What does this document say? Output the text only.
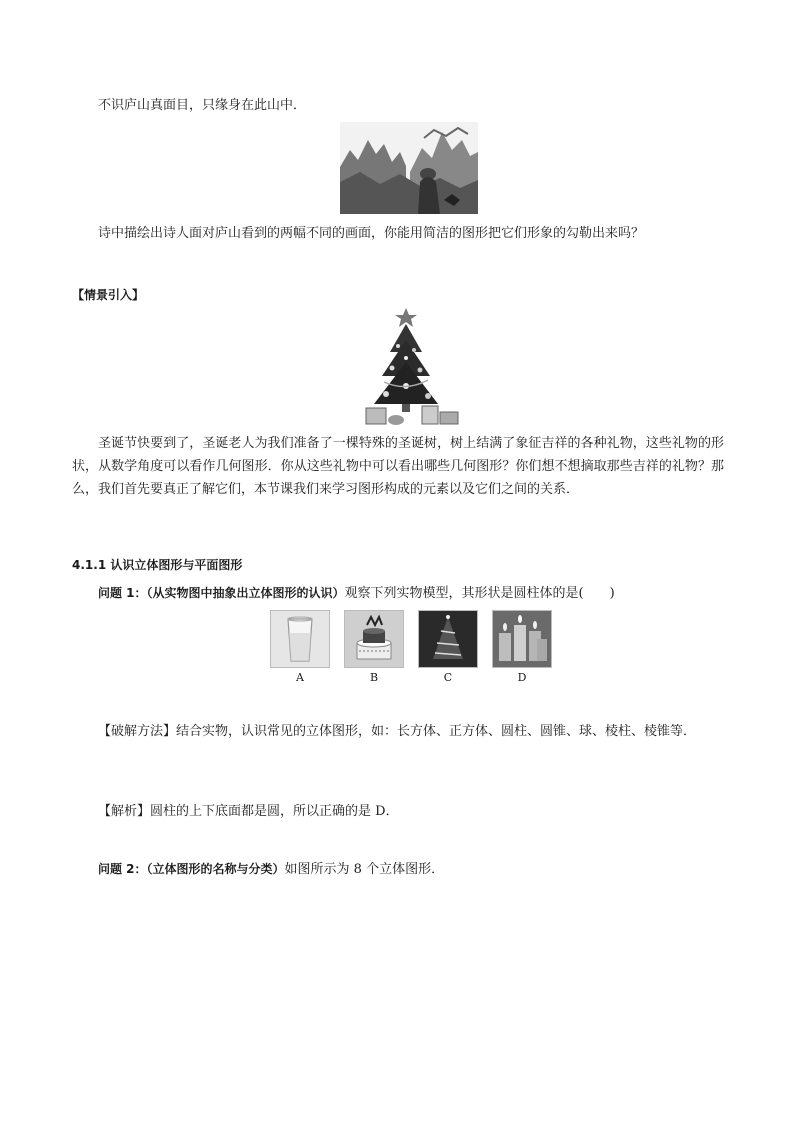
不识庐山真面目，只缘身在此山中．
诗中描绘出诗人面对庐山看到的两幅不同的画面，你能用简洁的图形把它们形象的勾勒出来吗？
【情景引入】
圣诞节快要到了，圣诞老人为我们准备了一棵特殊的圣诞树，树上结满了象征吉祥的各种礼物，这些礼物的形状，从数学角度可以看作几何图形．你从这些礼物中可以看出哪些几何图形？你们想不想摘取那些吉祥的礼物？那么，我们首先要真正了解它们，本节课我们来学习图形构成的元素以及它们之间的关系．
4.1.1 认识立体图形与平面图形
问题 1：（从实物图中抽象出立体图形的认识）观察下列实物模型，其形状是圆柱体的是(　　)
A	B	C	D
【破解方法】结合实物，认识常见的立体图形，如：长方体、正方体、圆柱、圆锥、球、棱柱、棱锥等．
【解析】圆柱的上下底面都是圆，所以正确的是 D．
问题 2：（立体图形的名称与分类）如图所示为 8 个立体图形．
